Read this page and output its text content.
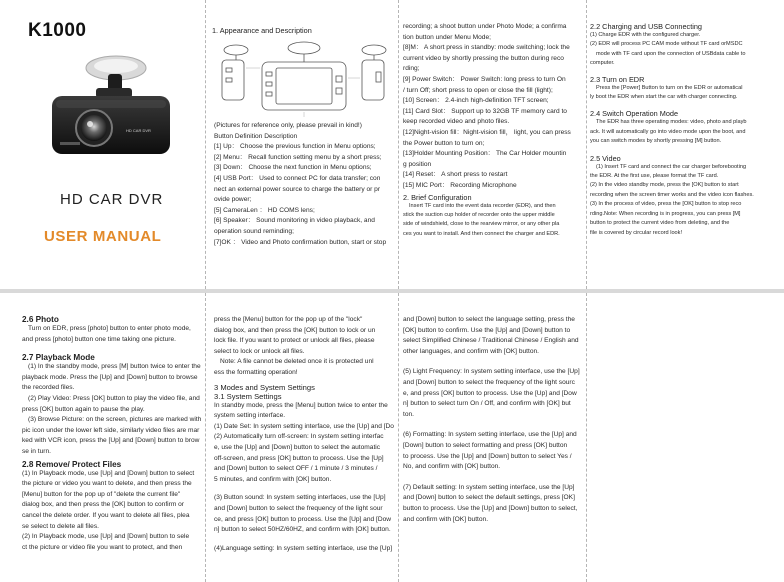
K1000
HD CAR DVR
HD CAR DVR
USER MANUAL

1. Appearance and Description

(Pictures for reference only, please prevail in kind!)

Button Definition Description

[1] Up： Choose the previous function in Menu options;

[2] Menu： Recall function setting menu by a short press;

[3] Down： Choose the next function in Menu options;

[4] USB Port： Used to connect PC for data transfer; con

nect an external power source to charge the battery or pr

ovide power;

[5] CameraLen ： HD COMS lens;

[6] Speaker： Sound monitoring in video playback, and

operation sound reminding;

[7]OK ： Video and Photo confirmation button, start or stop

recording; a shoot button under Photo Mode; a confirma

tion button under Menu Mode;

[8]M： A short press in standby: mode switching; lock the

current video by shortly pressing the button during reco

rding;

[9] Power Switch： Power Switch: long press to turn On

/ turn Off; short press to open or close the fill (light);

[10] Screen： 2.4-inch high-definition TFT screen;

[11] Card Slot： Support up to 32GB TF memory card to

keep recorded video and photo files.

[12]Night-vision fill：Night-vision fill， light, you can press

the Power button to turn on;

[13]Holder Mounting Position： The Car Holder mountin

g position

[14] Reset： A short press to restart

[15] MIC Port： Recording Microphone

2. Brief Configuration

Insert TF card into the event data recorder (EDR), and then

stick the suction cup holder of recorder onto the upper middle

side of windshield, close to the rearview mirror, or any other pla

ces you want to install. And then connect the charger and EDR.

2.2 Charging and USB Connecting

(1) Charge EDR with the configured charger.

(2) EDR will process PC CAM mode without TF card orMSDC

mode with TF card upon the connection of USBdata cable to

computer.

2.3 Turn on EDR

Press the [Power] Button to turn on the EDR or automatical

ly boot the EDR when start the car with charger connecting.

2.4 Switch Operation Mode

The EDR has three operating modes: video, photo and playb

ack. It will automatically go into video mode upon the boot, and

you can switch modes by shortly pressing [M] button.

2.5 Video

(1) Insert TF card and connect the car charger beforebooting

the EDR. At the first use, please format the TF card.

(2) In the video standby mode, press the [OK] button to start

recording when the screen timer works and the video icon flashes.

(3) In the process of video, press the [OK] button to stop reco

rding.Note: When recording is in progress, you can press [M]

button to protect the current video from deleting, and the

file is covered by circular record look!

2.6 Photo

Turn on EDR, press [photo] button to enter photo mode,

and press [photo] button one time taking one picture.

2.7 Playback Mode

(1) In the standby mode, press [M] button twice to enter the

playback mode. Press the [Up] and [Down] button to browse

the recorded files.

(2) Play Video: Press [OK] button to play the video file, and

press [OK] button again to pause the play.

(3) Browse Picture: on the screen, pictures are marked with

pic icon under the lower left side, similarly video files are mar

ked with VCR icon, press the [Up] and [Down] button to brow

se in turn.

2.8 Remove/ Protect Files

(1) In Playback mode, use [Up] and [Down] button to select

the picture or video you want to delete, and then press the

[Menu] button for the pop up of "delete the current file"

dialog box, and then press the [OK] button to confirm or

cancel the delete order. If you want to delete all files, plea

se select to delete all files.

(2) In Playback mode, use [Up] and [Down] button to sele

ct the picture or video file you want to protect, and then

press the [Menu] button for the pop up of the "lock"

dialog box, and then press the [OK] button to lock or un

lock file. If you want to protect or unlock all files, please

select to lock or unlock all files.

Note: A file cannot be deleted once it is protected unl

ess the formatting operation!

3 Modes and System Settings

3.1 System Settings

In standby mode, press the [Menu] button twice to enter the

system setting interface.

(1) Date Set: In system setting interface, use the [Up] and [Do

(2) Automatically turn off-screen: In system setting interfac

e, use the [Up] and [Down] button to select the automatic

off-screen, and press [OK] button to process. Use the [Up]

and [Down] button to select OFF / 1 minute / 3 minutes /

5 minutes, and confirm with [OK] button.

(3) Button sound: In system setting interfaces, use the [Up]

and [Down] button to select the frequency of the light sour

ce, and press [OK] button to process. Use the [Up] and [Dow

n] button to select 50HZ/60HZ, and confirm with [OK] button.

(4)Language setting: In system setting interface, use the [Up]

and [Down] button to select the language setting, press the

[OK] button to confirm. Use the [Up] and [Down] button to

select Simplified Chinese / Traditional Chinese / English and

other languages, and confirm with [OK] button.

(5) Light Frequency: In system setting interface, use the [Up]

and [Down] button to select the frequency of the light sourc

e, and press [OK] button to process. Use the [Up] and [Dow

n] button to select turn On / Off, and confirm with [OK] but

ton.

(6) Formatting: In system setting interface, use the [Up] and

[Down] button to select formatting and press [OK] button

to process. Use the [Up] and [Down] button to select Yes /

No, and confirm with [OK] button.

(7) Default setting: In system setting interface, use the [Up]

and [Down] button to select the default settings, press [OK]

button to process. Use the [Up] and [Down] button to select,

and confirm with [OK] button.
